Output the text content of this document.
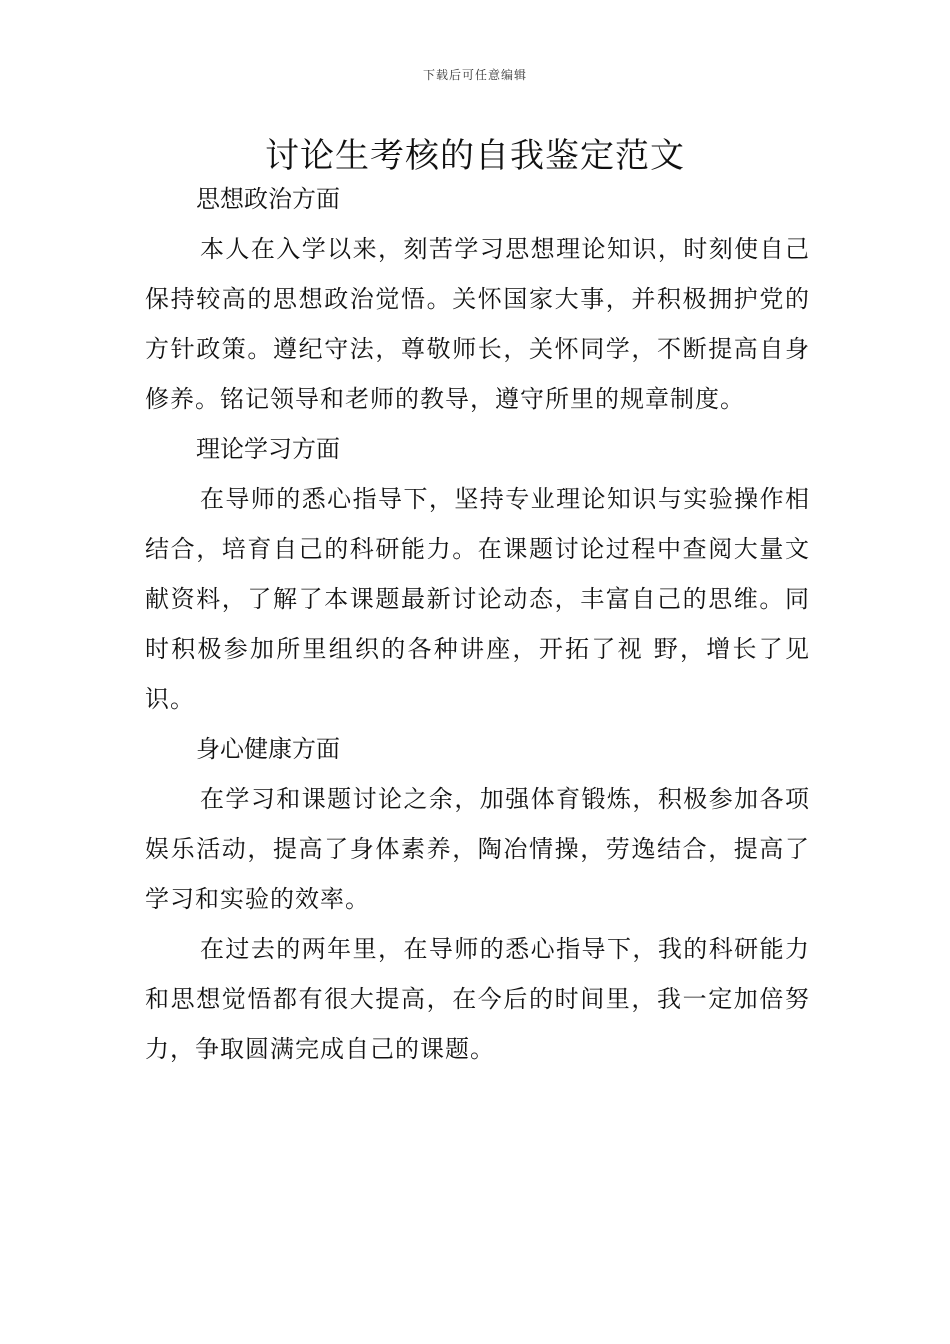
下载后可任意编辑
讨论生考核的自我鉴定范文
思想政治方面

本人在入学以来，刻苦学习思想理论知识，时刻使自己保持较高的思想政治觉悟。关怀国家大事，并积极拥护党的方针政策。遵纪守法，尊敬师长，关怀同学，不断提高自身修养。铭记领导和老师的教导，遵守所里的规章制度。

理论学习方面

在导师的悉心指导下，坚持专业理论知识与实验操作相结合，培育自己的科研能力。在课题讨论过程中查阅大量文献资料，了解了本课题最新讨论动态，丰富自己的思维。同时积极参加所里组织的各种讲座，开拓了视 野，增长了见识。

身心健康方面

在学习和课题讨论之余，加强体育锻炼，积极参加各项娱乐活动，提高了身体素养，陶冶情操，劳逸结合，提高了学习和实验的效率。

在过去的两年里，在导师的悉心指导下，我的科研能力和思想觉悟都有很大提高，在今后的时间里，我一定加倍努力，争取圆满完成自己的课题。
